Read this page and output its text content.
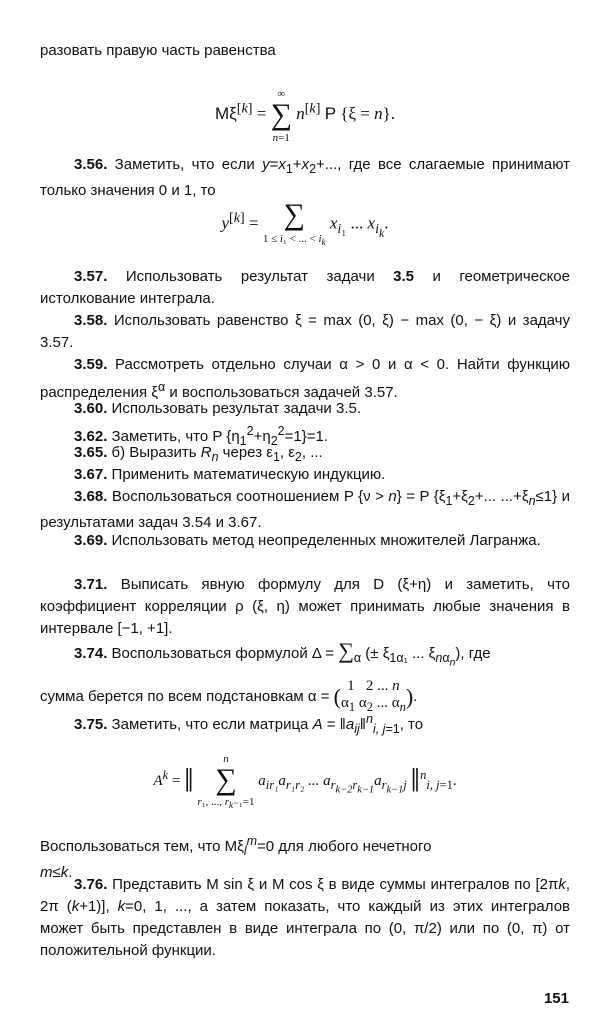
разовать правую часть равенства
Mξ[k] = ∞
∑
n=1 n[k] P {ξ = n}.
3.56. Заметить, что если $y=x_1+x_2+$..., где все слагаемые принимают только значения 0 и 1, то
y[k] = ∑
1 ≤ i₁ < ... < $i_k$ $x_{i_1}$ ... $x_{i_k}$.
3.57. Использовать результат задачи 3.5 и геометрическое истолкование интеграла.
3.58. Использовать равенство ξ = max (0, ξ) − max (0, − ξ) и задачу 3.57.
3.59. Рассмотреть отдельно случаи α > 0 и α < 0. Найти функцию распределения $\xi^\alpha$ и воспользоваться задачей 3.57.
3.60. Использовать результат задачи 3.5.
3.62. Заметить, что P $\{\eta_1^2+\eta_2^2=1\}=1$.
3.65. б) Выразить $R_n$ через $\varepsilon_1$, $\varepsilon_2$, ...
3.67. Применить математическую индукцию.
3.68. Воспользоваться соотношением P {ν > n} = P {$\xi_1+\xi_2+$... $...+\xi_n\le 1$} и результатами задач 3.54 и 3.67.
3.69. Использовать метод неопределенных множителей Лагранжа.
3.71. Выписать явную формулу для D (ξ+η) и заметить, что коэффициент корреляции ρ (ξ, η) может принимать любые значения в интервале [−1, +1].
3.74. Воспользоваться формулой $\Delta = \sum_\alpha$ (± $\xi_{1\alpha_1}$ ... $\xi_{n\alpha_n}$), где
сумма берется по всем подстановкам α = ( 1   2 ... n
$\alpha_1$ $\alpha_2$ ... $\alpha_n$).
3.75. Заметить, что если матрица $A = ‖a_{ij}‖^n_{i, j=1}$, то
$A^k$ = ‖ n
∑
r₁, ..., $r_k_{-1}=1$ $a_{ir_1}a_{r_1r_2}$ ... $a_{r_{k-2}r_{k-1}}a_{r_{k-1}j}$ ‖$^n_{i, j=1}$.
Воспользоваться тем, что $M\xi_l^m=0$ для любого нечетного
m≤k.
3.76. Представить M sin ξ и M cos ξ в виде суммы интегралов по [2πk, 2π (k+1)], k=0, 1, ..., а затем показать, что каждый из этих интегралов может быть представлен в виде интеграла по (0, π/2) или по (0, π) от положительной функции.
151
